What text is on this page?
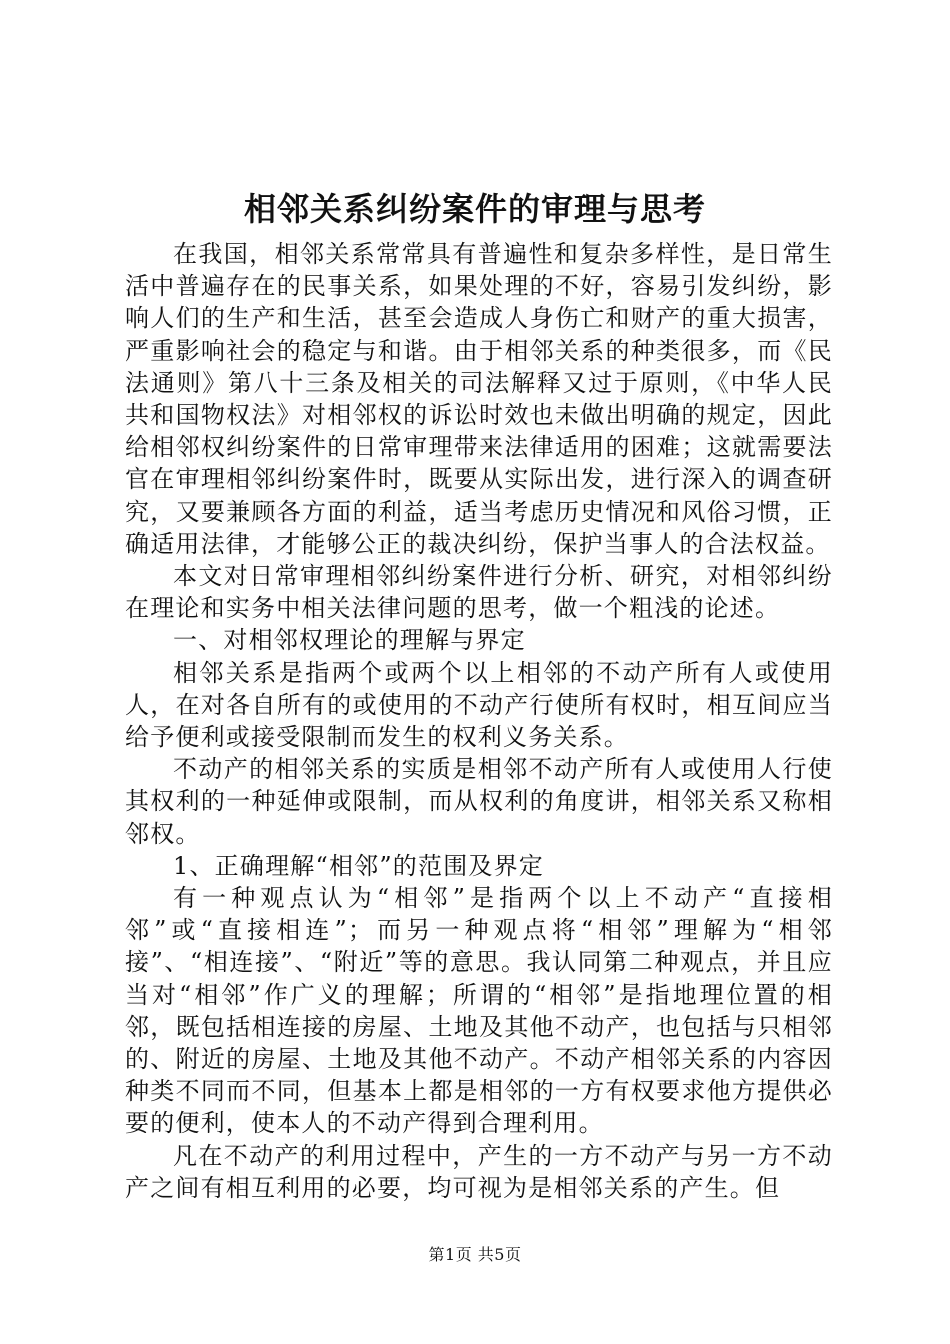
相邻关系纠纷案件的审理与思考

在我国，相邻关系常常具有普遍性和复杂多样性，是日常生活中普遍存在的民事关系，如果处理的不好，容易引发纠纷，影响人们的生产和生活，甚至会造成人身伤亡和财产的重大损害，严重影响社会的稳定与和谐。由于相邻关系的种类很多，而《民法通则》第八十三条及相关的司法解释又过于原则，《中华人民共和国物权法》对相邻权的诉讼时效也未做出明确的规定，因此给相邻权纠纷案件的日常审理带来法律适用的困难；这就需要法官在审理相邻纠纷案件时，既要从实际出发，进行深入的调查研究，又要兼顾各方面的利益，适当考虑历史情况和风俗习惯，正确适用法律，才能够公正的裁决纠纷，保护当事人的合法权益。

本文对日常审理相邻纠纷案件进行分析、研究，对相邻纠纷在理论和实务中相关法律问题的思考，做一个粗浅的论述。

一、对相邻权理论的理解与界定

相邻关系是指两个或两个以上相邻的不动产所有人或使用人，在对各自所有的或使用的不动产行使所有权时，相互间应当给予便利或接受限制而发生的权利义务关系。

不动产的相邻关系的实质是相邻不动产所有人或使用人行使其权利的一种延伸或限制，而从权利的角度讲，相邻关系又称相邻权。

1、正确理解“相邻”的范围及界定

有一种观点认为“相邻”是指两个以上不动产“直接相邻”或“直接相连”；而另一种观点将“相邻”理解为“相邻接”、“相连接”、“附近”等的意思。我认同第二种观点，并且应当对“相邻”作广义的理解；所谓的“相邻”是指地理位置的相邻，既包括相连接的房屋、土地及其他不动产，也包括与只相邻的、附近的房屋、土地及其他不动产。不动产相邻关系的内容因种类不同而不同，但基本上都是相邻的一方有权要求他方提供必要的便利，使本人的不动产得到合理利用。

凡在不动产的利用过程中，产生的一方不动产与另一方不动产之间有相互利用的必要，均可视为是相邻关系的产生。但

第1页 共5页
